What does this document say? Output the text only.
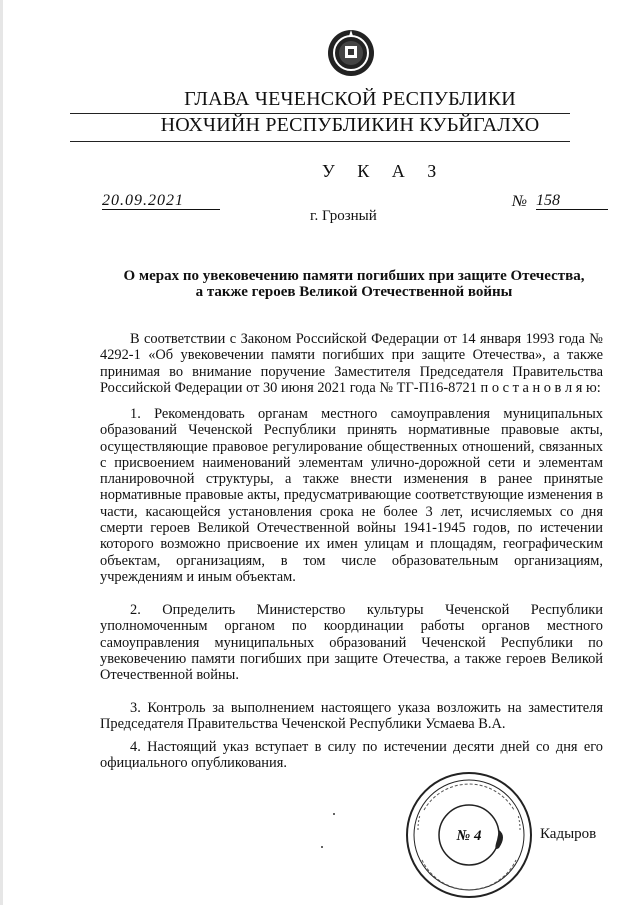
ГЛАВА ЧЕЧЕНСКОЙ РЕСПУБЛИКИ
НОХЧИЙН РЕСПУБЛИКИН КУЬЙГАЛХО
У К А З
20.09.2021	№ 158
г. Грозный
О мерах по увековечению памяти погибших при защите Отечества,
а также героев Великой Отечественной войны

В соответствии с Законом Российской Федерации от 14 января 1993 года № 4292-1 «Об увековечении памяти погибших при защите Отечества», а также принимая во внимание поручение Заместителя Председателя Правительства Российской Федерации от 30 июня 2021 года № ТГ-П16-8721 п о с т а н о в л я ю:

1. Рекомендовать органам местного самоуправления муниципальных образований Чеченской Республики принять нормативные правовые акты, осуществляющие правовое регулирование общественных отношений, связанных с присвоением наименований элементам улично-дорожной сети и элементам планировочной структуры, а также внести изменения в ранее принятые нормативные правовые акты, предусматривающие соответствующие изменения в части, касающейся установления срока не более 3 лет, исчисляемых со дня смерти героев Великой Отечественной войны 1941-1945 годов, по истечении которого возможно присвоение их имен улицам и площадям, географическим объектам, организациям, в том числе образовательным организациям, учреждениям и иным объектам.

2. Определить Министерство культуры Чеченской Республики уполномоченным органом по координации работы органов местного самоуправления муниципальных образований Чеченской Республики по увековечению памяти погибших при защите Отечества, а также героев Великой Отечественной войны.

3. Контроль за выполнением настоящего указа возложить на заместителя Председателя Правительства Чеченской Республики Усмаева В.А.

4. Настоящий указ вступает в силу по истечении десяти дней со дня его официального опубликования.

№ 4	Кадыров
